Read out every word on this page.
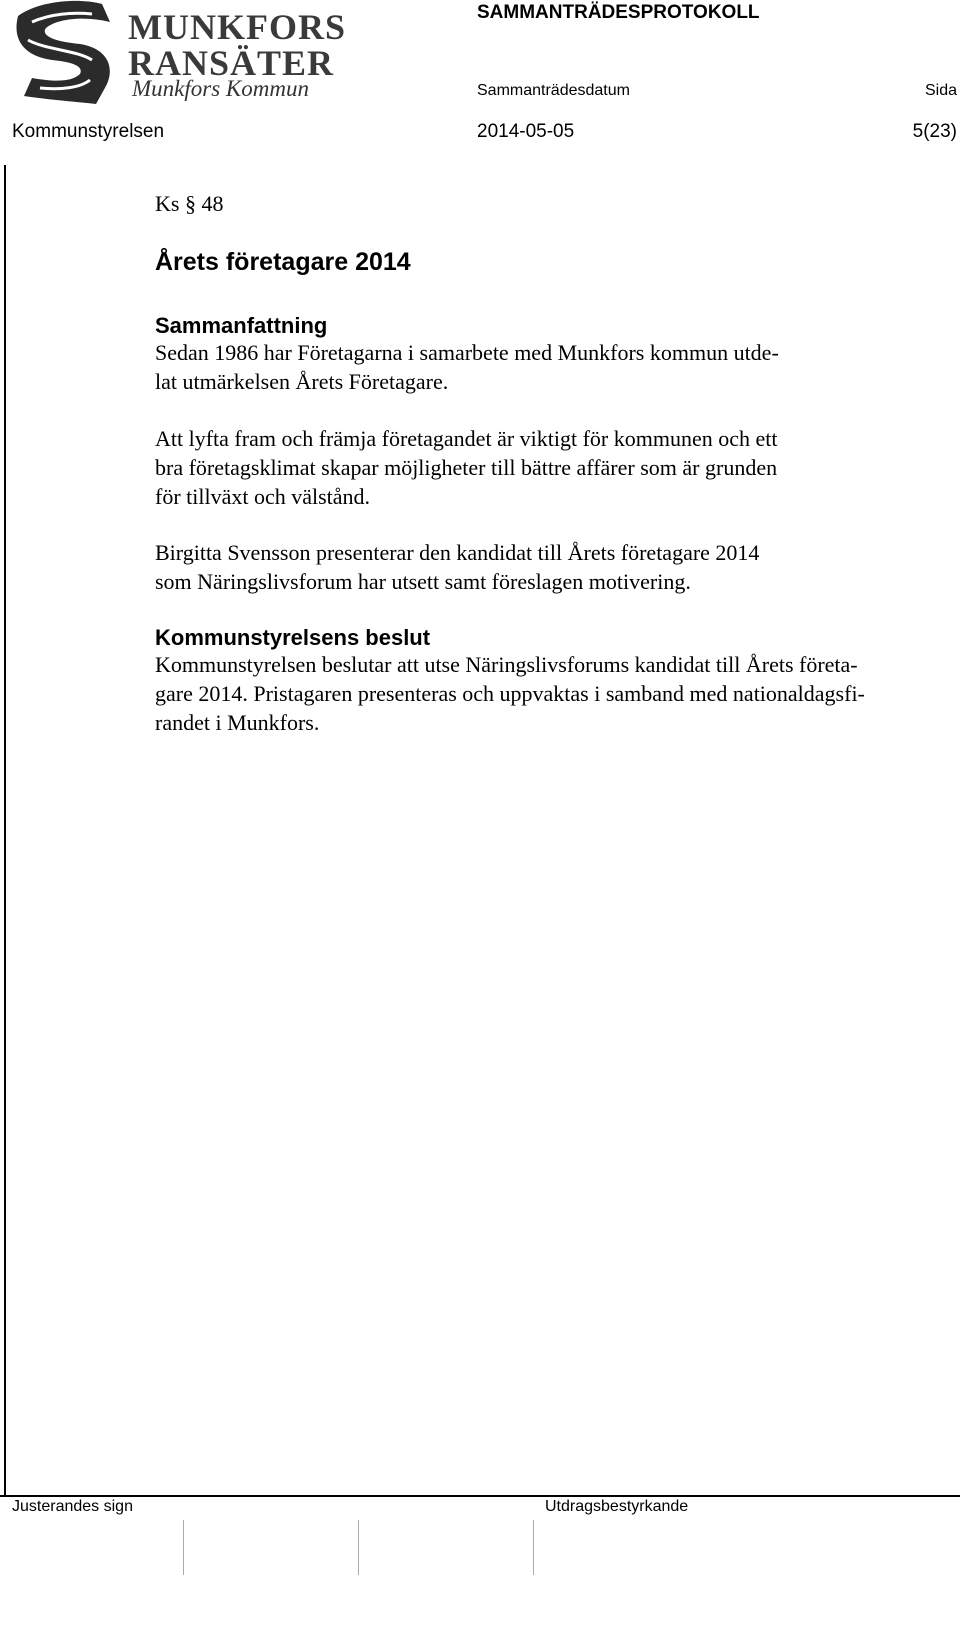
MUNKFORS
RANSÄTER
Munkfors Kommun
SAMMANTRÄDESPROTOKOLL
Sammanträdesdatum	Sida
Kommunstyrelsen	2014-05-05	5(23)
Ks § 48
Årets företagare 2014
Sammanfattning
Sedan 1986 har Företagarna i samarbete med Munkfors kommun utde-
lat utmärkelsen Årets Företagare.
Att lyfta fram och främja företagandet är viktigt för kommunen och ett
bra företagsklimat skapar möjligheter till bättre affärer som är grunden
för tillväxt och välstånd.
Birgitta Svensson presenterar den kandidat till Årets företagare 2014
som Näringslivsforum har utsett samt föreslagen motivering.
Kommunstyrelsens beslut
Kommunstyrelsen beslutar att utse Näringslivsforums kandidat till Årets företa-
gare 2014. Pristagaren presenteras och uppvaktas i samband med nationaldagsfi-
randet i Munkfors.
Justerandes sign	Utdragsbestyrkande
